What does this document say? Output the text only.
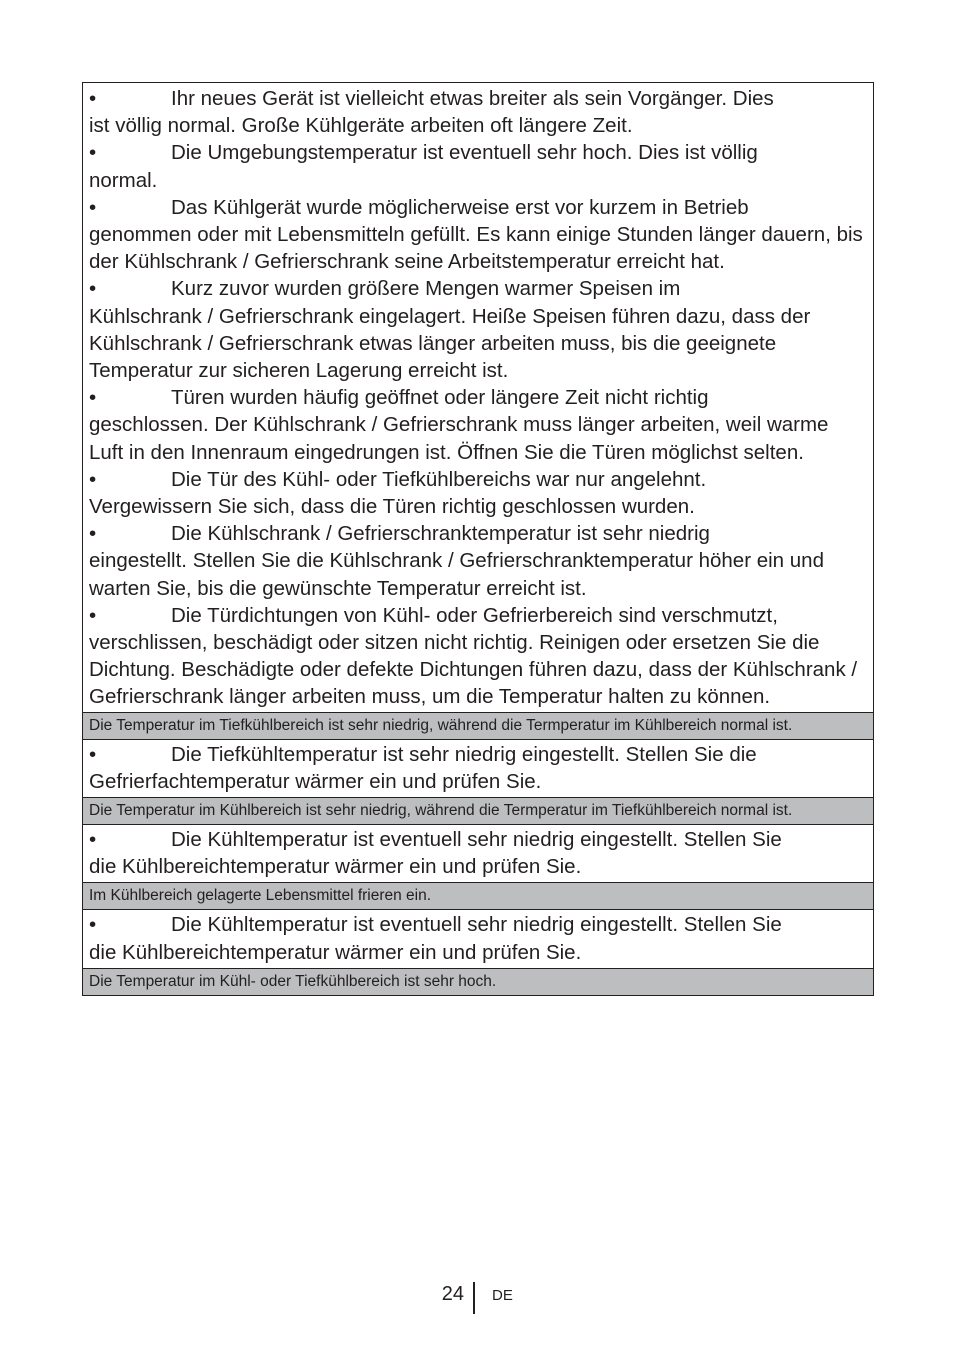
•	Ihr neues Gerät ist vielleicht etwas breiter als sein Vorgänger. Dies
ist völlig normal. Große Kühlgeräte arbeiten oft längere Zeit.

•	Die Umgebungstemperatur ist eventuell sehr hoch. Dies ist völlig
normal.

•	Das Kühlgerät wurde möglicherweise erst vor kurzem in Betrieb
genommen oder mit Lebensmitteln gefüllt. Es kann einige Stunden länger dauern, bis der Kühlschrank / Gefrierschrank seine Arbeitstemperatur erreicht hat.

•	Kurz zuvor wurden größere Mengen warmer Speisen im
Kühlschrank / Gefrierschrank eingelagert. Heiße Speisen führen dazu, dass der Kühlschrank / Gefrierschrank etwas länger arbeiten muss, bis die geeignete Temperatur zur sicheren Lagerung erreicht ist.

•	Türen wurden häufig geöffnet oder längere Zeit nicht richtig
geschlossen. Der Kühlschrank / Gefrierschrank muss länger arbeiten, weil warme Luft in den Innenraum eingedrungen ist. Öffnen Sie die Türen möglichst selten.

•	Die Tür des Kühl- oder Tiefkühlbereichs war nur angelehnt.
Vergewissern Sie sich, dass die Türen richtig geschlossen wurden.

•	Die Kühlschrank / Gefrierschranktemperatur ist sehr niedrig
eingestellt. Stellen Sie die Kühlschrank / Gefrierschranktemperatur höher ein und warten Sie, bis die gewünschte Temperatur erreicht ist.

•	Die Türdichtungen von Kühl- oder Gefrierbereich sind verschmutzt,
verschlissen, beschädigt oder sitzen nicht richtig. Reinigen oder ersetzen Sie die Dichtung. Beschädigte oder defekte Dichtungen führen dazu, dass der Kühlschrank / Gefrierschrank länger arbeiten muss, um die Temperatur halten zu können.

Die Temperatur im Tiefkühlbereich ist sehr niedrig, während die Termperatur im Kühlbereich normal ist.

•	Die Tiefkühltemperatur ist sehr niedrig eingestellt. Stellen Sie die
Gefrierfachtemperatur wärmer ein und prüfen Sie.

Die Temperatur im Kühlbereich ist sehr niedrig, während die Termperatur im Tiefkühlbereich normal ist.

•	Die Kühltemperatur ist eventuell sehr niedrig eingestellt. Stellen Sie
die Kühlbereichtemperatur wärmer ein und prüfen Sie.

Im Kühlbereich gelagerte Lebensmittel frieren ein.

•	Die Kühltemperatur ist eventuell sehr niedrig eingestellt. Stellen Sie
die Kühlbereichtemperatur wärmer ein und prüfen Sie.

Die Temperatur im Kühl- oder Tiefkühlbereich ist sehr hoch.
24 DE
